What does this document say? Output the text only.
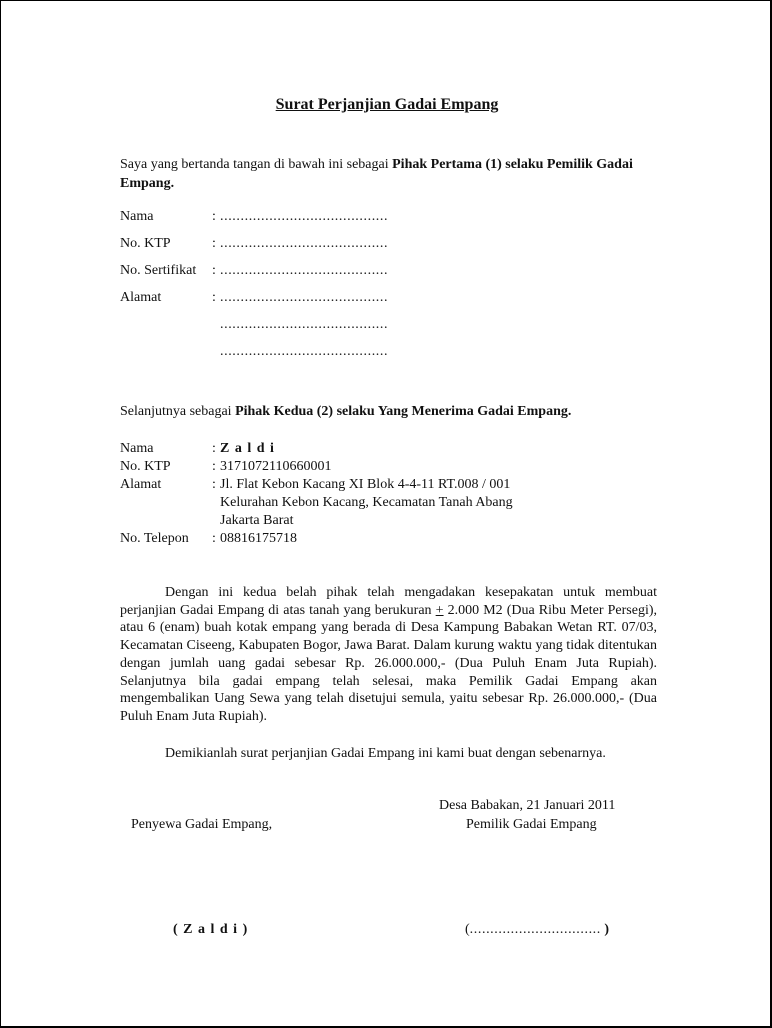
Surat Perjanjian Gadai Empang
Saya yang bertanda tangan di bawah ini sebagai Pihak Pertama (1) selaku Pemilik Gadai Empang.
Nama	: .........................................
No. KTP	: .........................................
No. Sertifikat : .........................................
Alamat	: .........................................
.........................................
.........................................
Selanjutnya sebagai Pihak Kedua (2) selaku Yang Menerima Gadai Empang.
Nama	: Z a l d i
No. KTP	: 3171072110660001
Alamat	: Jl. Flat Kebon Kacang XI Blok 4-4-11 RT.008 / 001
Kelurahan Kebon Kacang, Kecamatan Tanah Abang
Jakarta Barat
No. Telepon : 08816175718
Dengan ini kedua belah pihak telah mengadakan kesepakatan untuk membuat perjanjian Gadai Empang di atas tanah yang berukuran + 2.000 M2 (Dua Ribu Meter Persegi), atau 6 (enam) buah kotak empang yang berada di Desa Kampung Babakan Wetan RT. 07/03, Kecamatan Ciseeng, Kabupaten Bogor, Jawa Barat. Dalam kurung waktu yang tidak ditentukan dengan jumlah uang gadai sebesar Rp. 26.000.000,- (Dua Puluh Enam Juta Rupiah). Selanjutnya bila gadai empang telah selesai, maka Pemilik Gadai Empang akan mengembalikan Uang Sewa yang telah disetujui semula, yaitu sebesar Rp. 26.000.000,- (Dua Puluh Enam Juta Rupiah).
Demikianlah surat perjanjian Gadai Empang ini kami buat dengan sebenarnya.
Desa Babakan, 21 Januari 2011
Penyewa Gadai Empang,	Pemilik Gadai Empang
( Z a l d i )	(................................ )
